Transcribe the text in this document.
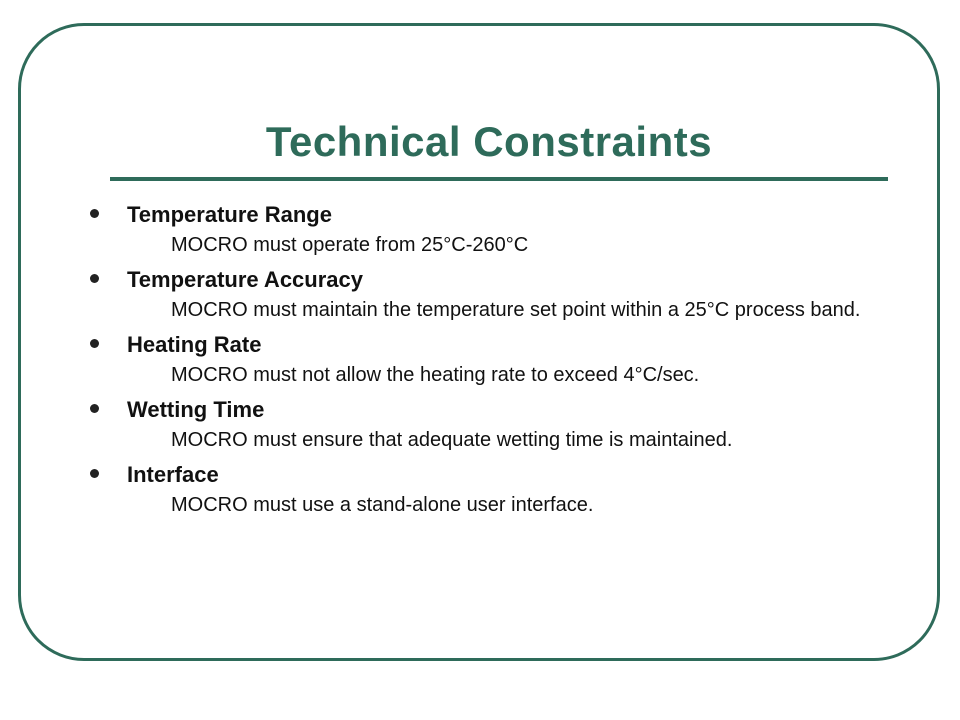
Technical Constraints
Temperature Range
MOCRO must operate from 25°C-260°C
Temperature Accuracy
MOCRO must maintain the temperature set point within a 25°C process band.
Heating Rate
MOCRO must not allow the heating rate to exceed 4°C/sec.
Wetting Time
MOCRO must ensure that adequate wetting time is maintained.
Interface
MOCRO must use a stand-alone user interface.
